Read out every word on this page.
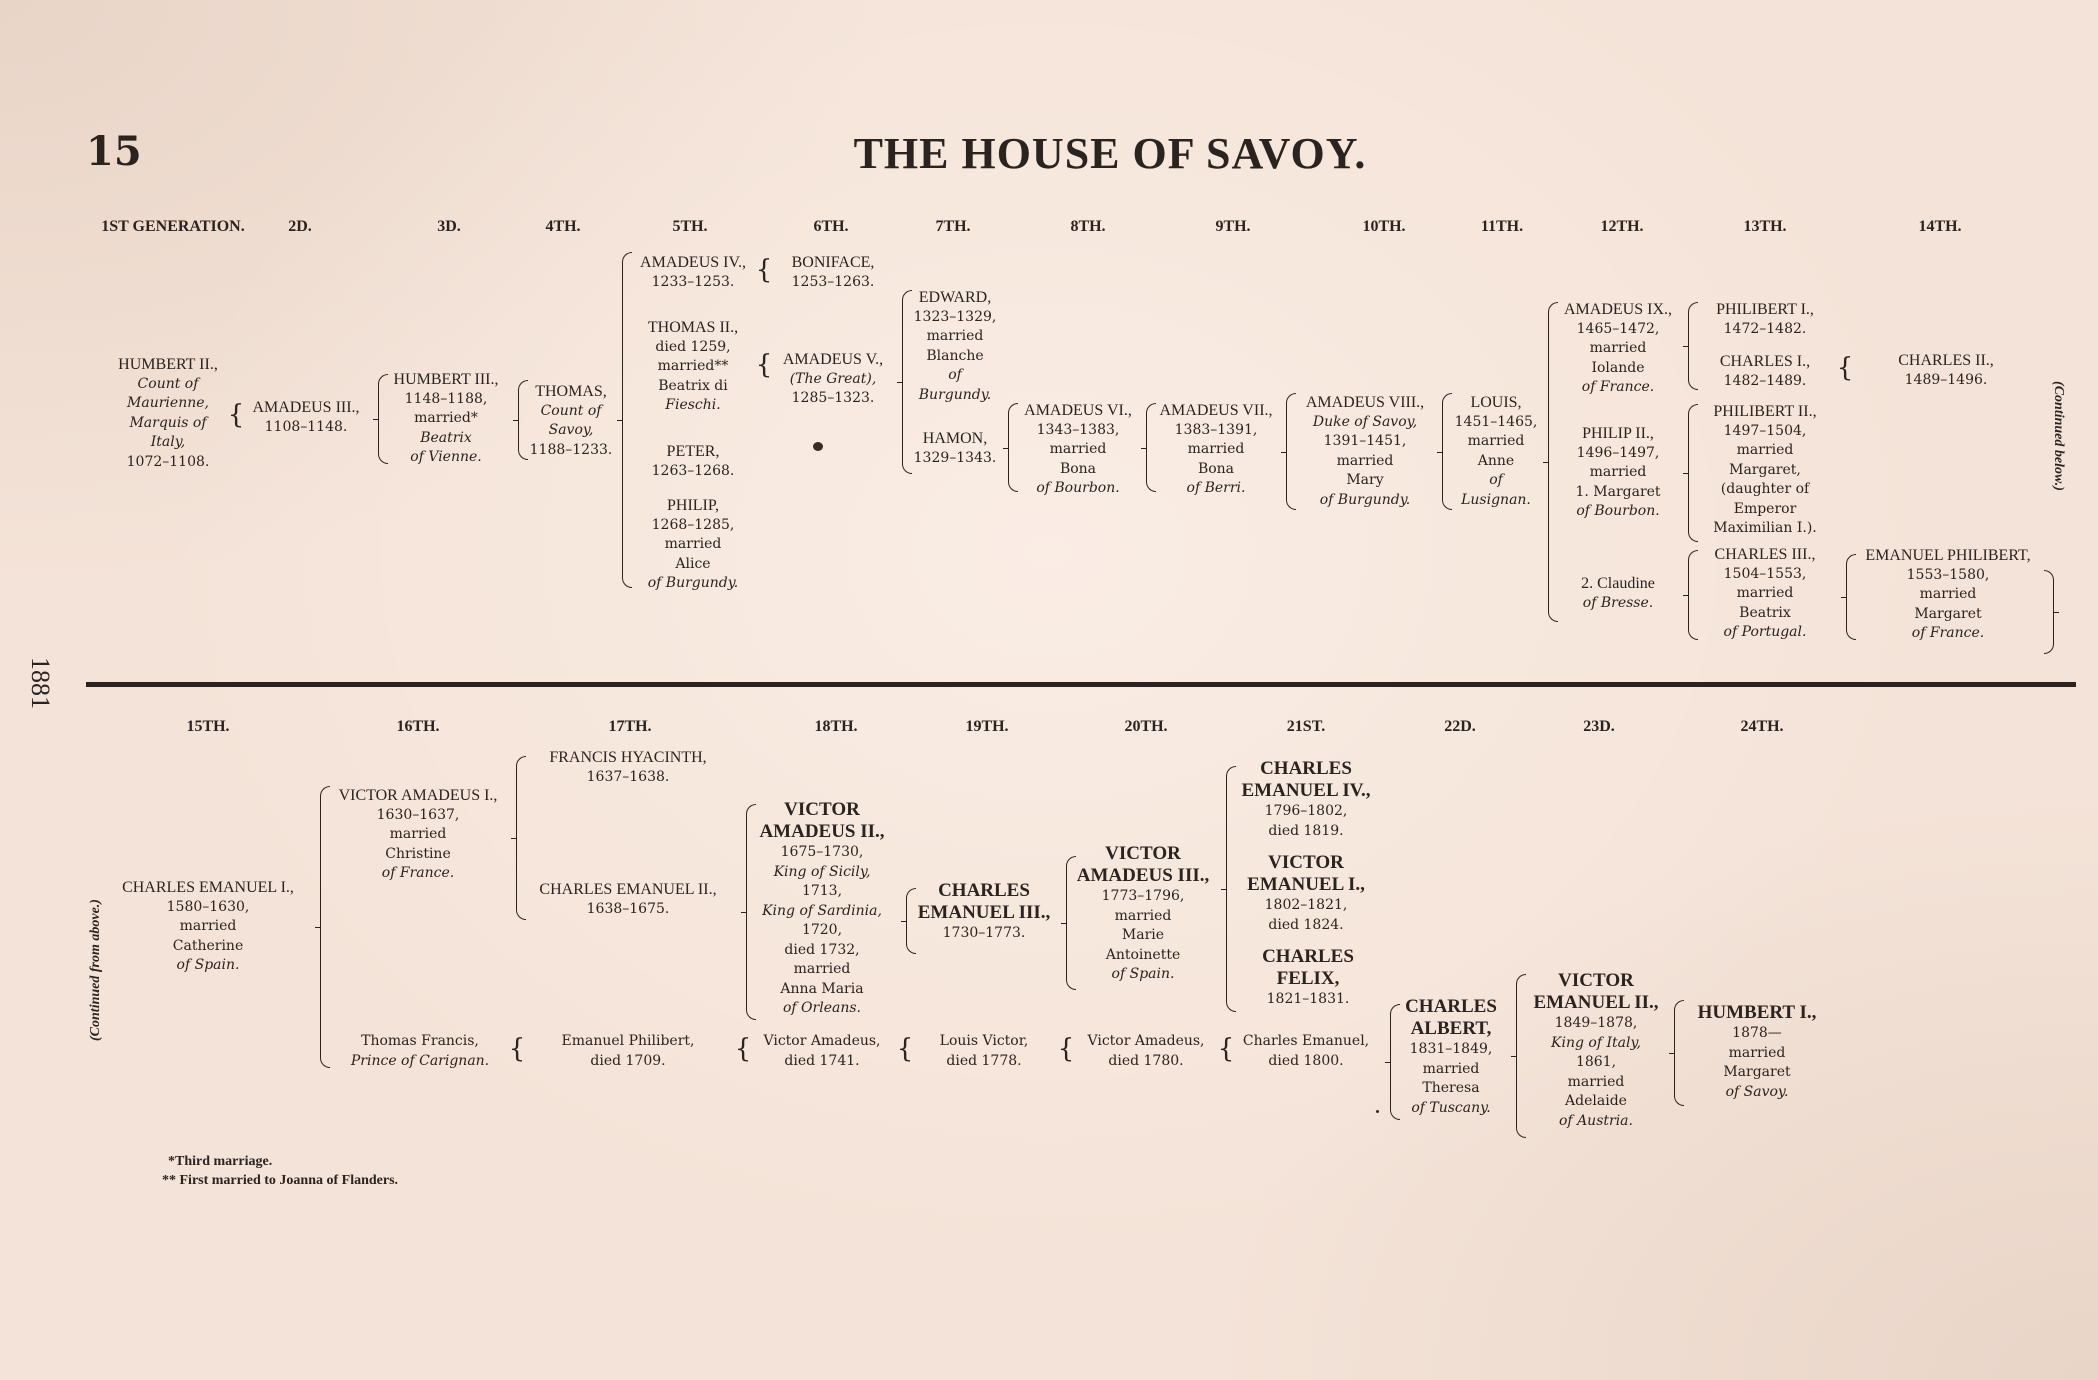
15	THE HOUSE OF SAVOY.
1881
(Continued below.)
(Continued from above.)
*Third marriage.
** First married to Joanna of Flanders.
1ST GENERATION.	2D.	3D.	4TH.	5TH.	6TH.	7TH.	8TH.	9TH.	10TH.	11TH.	12TH.	13TH.	14TH.
15TH.	16TH.	17TH.	18TH.	19TH.	20TH.	21ST.	22D.	23D.	24TH.
HUMBERT II.,
Count of
Maurienne,
Marquis of
Italy,
1072–1108.
AMADEUS III.,
1108–1148.
HUMBERT III.,
1148–1188,
married*
Beatrix
of Vienne.
THOMAS,
Count of
Savoy,
1188–1233.
AMADEUS IV.,
1233–1253.
THOMAS II.,
died 1259,
married**
Beatrix di
Fieschi.
PETER,
1263–1268.
PHILIP,
1268–1285,
married
Alice
of Burgundy.
BONIFACE,
1253–1263.
AMADEUS V.,
(The Great),
1285–1323.
EDWARD,
1323–1329,
married
Blanche
of
Burgundy.
HAMON,
1329–1343.
AMADEUS VI.,
1343–1383,
married
Bona
of Bourbon.
AMADEUS VII.,
1383–1391,
married
Bona
of Berri.
AMADEUS VIII.,
Duke of Savoy,
1391–1451,
married
Mary
of Burgundy.
LOUIS,
1451–1465,
married
Anne
of
Lusignan.
AMADEUS IX.,
1465–1472,
married
Iolande
of France.
PHILIP II.,
1496–1497,
married
1. Margaret
of Bourbon.
2. Claudine
of Bresse.
PHILIBERT I.,
1472–1482.
CHARLES I.,
1482–1489.
PHILIBERT II.,
1497–1504,
married
Margaret,
(daughter of
Emperor
Maximilian I.).
CHARLES III.,
1504–1553,
married
Beatrix
of Portugal.
CHARLES II.,
1489–1496.
EMANUEL PHILIBERT,
1553–1580,
married
Margaret
of France.
CHARLES EMANUEL I.,
1580–1630,
married
Catherine
of Spain.
VICTOR AMADEUS I.,
1630–1637,
married
Christine
of France.
Thomas Francis,
Prince of Carignan.
FRANCIS HYACINTH,
1637–1638.
CHARLES EMANUEL II.,
1638–1675.
Emanuel Philibert,
died 1709.
VICTOR
AMADEUS II.,
1675–1730,
King of Sicily,
1713,
King of Sardinia,
1720,
died 1732,
married
Anna Maria
of Orleans.
Victor Amadeus,
died 1741.
CHARLES
EMANUEL III.,
1730–1773.
Louis Victor,
died 1778.
VICTOR
AMADEUS III.,
1773–1796,
married
Marie
Antoinette
of Spain.
Victor Amadeus,
died 1780.
CHARLES
EMANUEL IV.,
1796–1802,
died 1819.
VICTOR
EMANUEL I.,
1802–1821,
died 1824.
CHARLES
FELIX,
1821–1831.
Charles Emanuel,
died 1800.
CHARLES
ALBERT,
1831–1849,
married
Theresa
of Tuscany.
VICTOR
EMANUEL II.,
1849–1878,
King of Italy,
1861,
married
Adelaide
of Austria.
HUMBERT I.,
1878—
married
Margaret
of Savoy.
{
{
{	{
{	{	{	{	{
